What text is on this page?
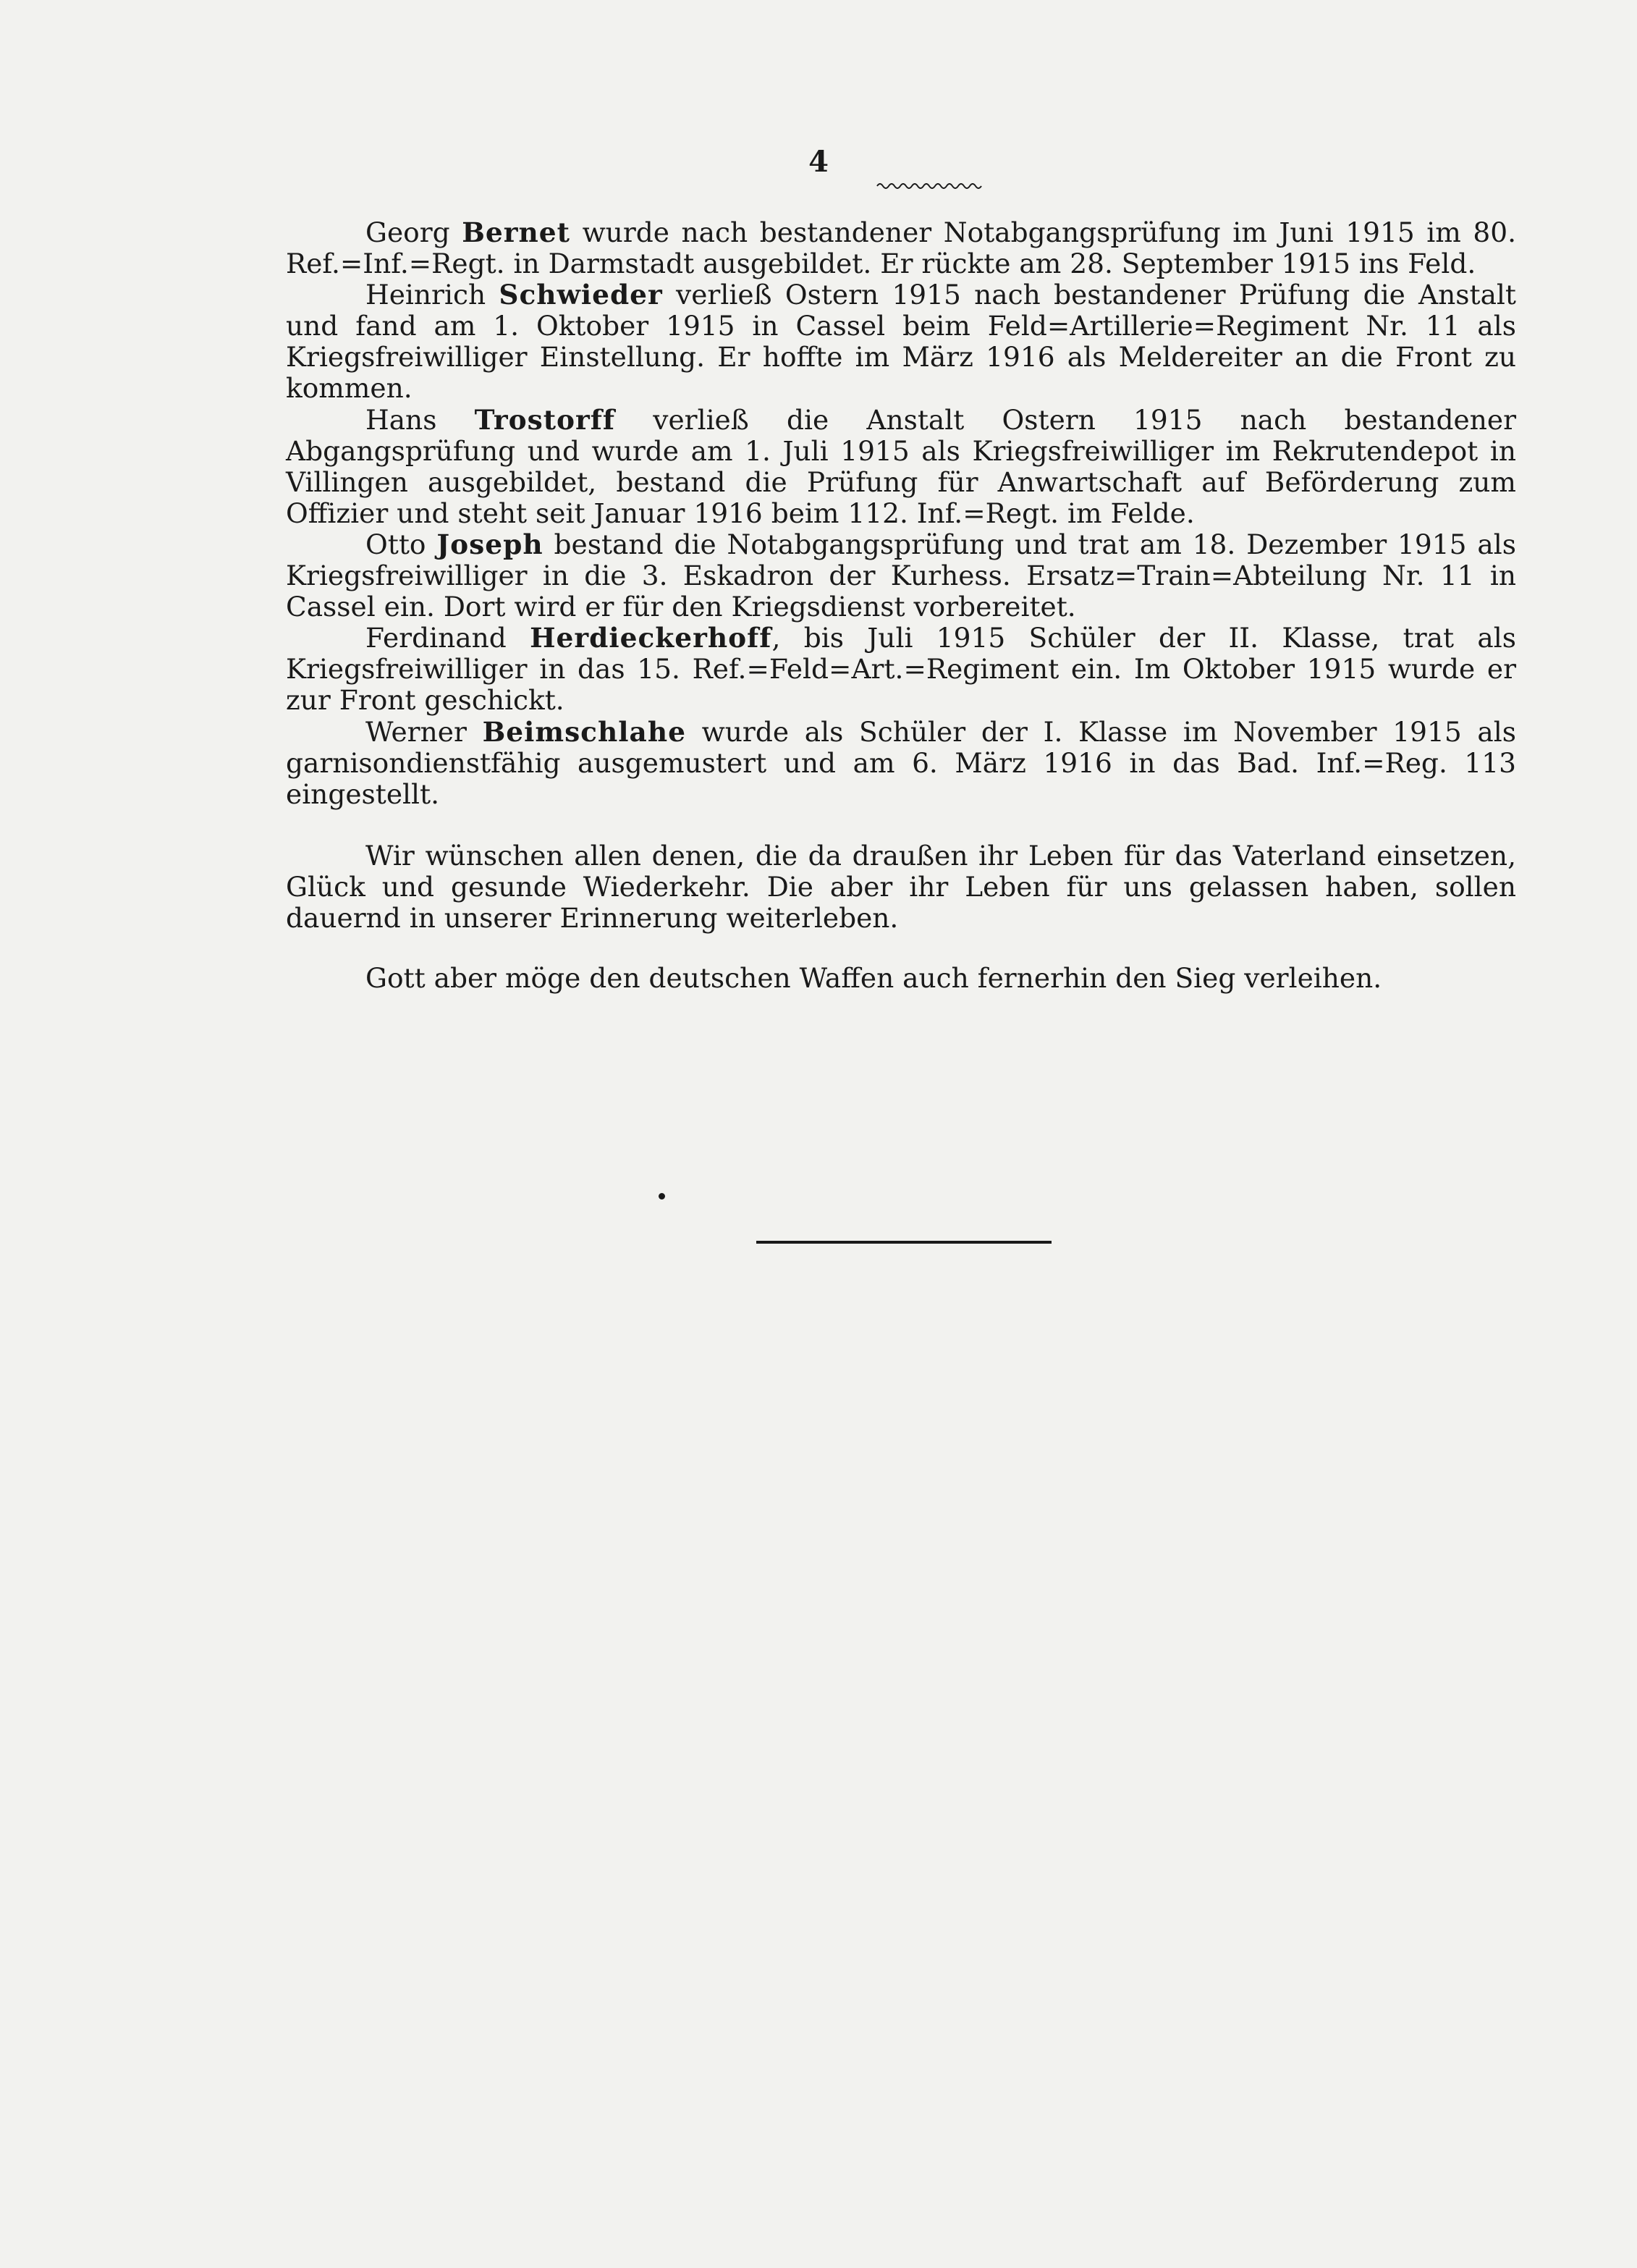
4

Georg Bernet wurde nach bestandener Notabgangsprüfung im Juni 1915 im 80. Ref.=Inf.=Regt. in Darmstadt ausgebildet. Er rückte am 28. September 1915 ins Feld.

Heinrich Schwieder verließ Ostern 1915 nach bestandener Prüfung die Anstalt und fand am 1. Oktober 1915 in Cassel beim Feld=Artillerie=Regiment Nr. 11 als Kriegsfreiwilliger Einstellung. Er hoffte im März 1916 als Meldereiter an die Front zu kommen.

Hans Trostorff verließ die Anstalt Ostern 1915 nach bestandener Abgangsprüfung und wurde am 1. Juli 1915 als Kriegsfreiwilliger im Rekrutendepot in Villingen ausgebildet, bestand die Prüfung für Anwartschaft auf Beförderung zum Offizier und steht seit Januar 1916 beim 112. Inf.=Regt. im Felde.

Otto Joseph bestand die Notabgangsprüfung und trat am 18. Dezember 1915 als Kriegsfreiwilliger in die 3. Eskadron der Kurhess. Ersatz=Train=Abteilung Nr. 11 in Cassel ein. Dort wird er für den Kriegsdienst vorbereitet.

Ferdinand Herdieckerhoff, bis Juli 1915 Schüler der II. Klasse, trat als Kriegsfreiwilliger in das 15. Ref.=Feld=Art.=Regiment ein. Im Oktober 1915 wurde er zur Front geschickt.

Werner Beimschlahe wurde als Schüler der I. Klasse im November 1915 als garnisondienstfähig ausgemustert und am 6. März 1916 in das Bad. Inf.=Reg. 113 eingestellt.

Wir wünschen allen denen, die da draußen ihr Leben für das Vaterland einsetzen, Glück und gesunde Wiederkehr. Die aber ihr Leben für uns gelassen haben, sollen dauernd in unserer Erinnerung weiterleben.

Gott aber möge den deutschen Waffen auch fernerhin den Sieg verleihen.
